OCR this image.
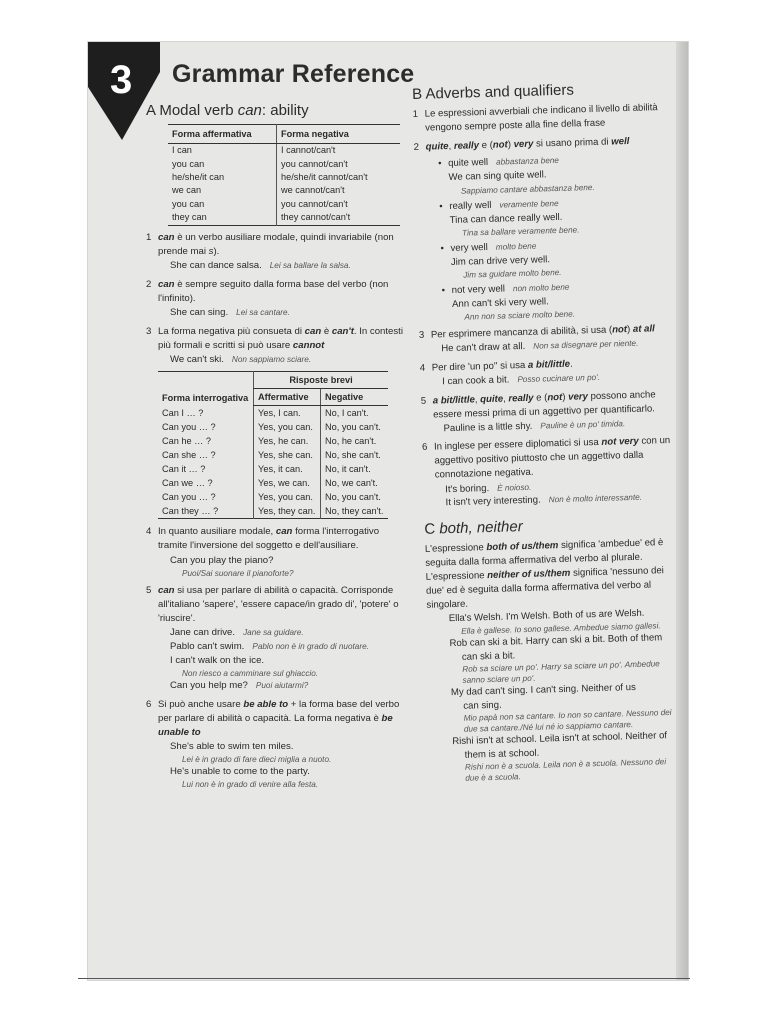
3 Grammar Reference
A Modal verb can: ability
Forma affermativa	Forma negativa
I can	I cannot/can't
you can	you cannot/can't
he/she/it can	he/she/it cannot/can't
we can	we cannot/can't
you can	you cannot/can't
they can	they cannot/can't
1 can è un verbo ausiliare modale, quindi invariabile (non prende mai s).
She can dance salsa. Lei sa ballare la salsa.
2 can è sempre seguito dalla forma base del verbo (non l'infinito).
She can sing. Lei sa cantare.
3 La forma negativa più consueta di can è can't. In contesti più formali e scritti si può usare cannot
We can't ski. Non sappiamo sciare.
Forma interrogativa	Risposte brevi	
	Affermative	Negative
Can I … ?	Yes, I can.	No, I can't.
Can you … ?	Yes, you can.	No, you can't.
Can he … ?	Yes, he can.	No, he can't.
Can she … ?	Yes, she can.	No, she can't.
Can it … ?	Yes, it can.	No, it can't.
Can we … ?	Yes, we can.	No, we can't.
Can you … ?	Yes, you can.	No, you can't.
Can they … ?	Yes, they can.	No, they can't.
4 In quanto ausiliare modale, can forma l'interrogativo tramite l'inversione del soggetto e dell'ausiliare.
Can you play the piano?
Puoi/Sai suonare il pianoforte?
5 can si usa per parlare di abilità o capacità. Corrisponde all'italiano 'sapere', 'essere capace/in grado di', 'potere' o 'riuscire'.
Jane can drive. Jane sa guidare.
Pablo can't swim. Pablo non è in grado di nuotare.
I can't walk on the ice.
Non riesco a camminare sul ghiaccio.
Can you help me? Puoi aiutarmi?
6 Si può anche usare be able to + la forma base del verbo per parlare di abilità o capacità. La forma negativa è be unable to
She's able to swim ten miles.
Lei è in grado di fare dieci miglia a nuoto.
He's unable to come to the party.
Lui non è in grado di venire alla festa.
B Adverbs and qualifiers
1 Le espressioni avverbiali che indicano il livello di abilità vengono sempre poste alla fine della frase
2 quite, really e (not) very si usano prima di well
• quite well abbastanza bene
We can sing quite well.
Sappiamo cantare abbastanza bene.
• really well veramente bene
Tina can dance really well.
Tina sa ballare veramente bene.
• very well molto bene
Jim can drive very well.
Jim sa guidare molto bene.
• not very well non molto bene
Ann can't ski very well.
Ann non sa sciare molto bene.
3 Per esprimere mancanza di abilità, si usa (not) at all
He can't draw at all. Non sa disegnare per niente.
4 Per dire 'un po'' si usa a bit/little.
I can cook a bit. Posso cucinare un po'.
5 a bit/little, quite, really e (not) very possono anche essere messi prima di un aggettivo per quantificarlo.
Pauline is a little shy. Pauline è un po' timida.
6 In inglese per essere diplomatici si usa not very con un aggettivo positivo piuttosto che un aggettivo dalla connotazione negativa.
It's boring. È noioso.
It isn't very interesting. Non è molto interessante.
C both, neither
L'espressione both of us/them significa 'ambedue' ed è seguita dalla forma affermativa del verbo al plurale. L'espressione neither of us/them significa 'nessuno dei due' ed è seguita dalla forma affermativa del verbo al singolare.
Ella's Welsh. I'm Welsh. Both of us are Welsh.
Ella è gallese. Io sono gallese. Ambedue siamo gallesi.
Rob can ski a bit. Harry can ski a bit. Both of them
can ski a bit.
Rob sa sciare un po'. Harry sa sciare un po'. Ambedue
sanno sciare un po'.
My dad can't sing. I can't sing. Neither of us
can sing.
Mio papà non sa cantare. Io non so cantare. Nessuno dei
due sa cantare./Né lui né io sappiamo cantare.
Rishi isn't at school. Leila isn't at school. Neither of
them is at school.
Rishi non è a scuola. Leila non è a scuola. Nessuno dei
due è a scuola.
